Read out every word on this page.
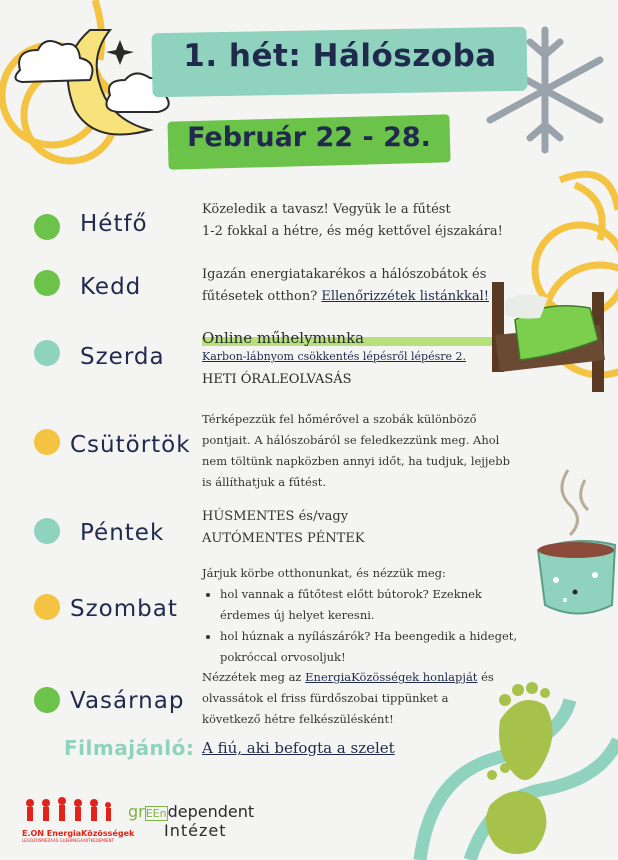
1. hét: Hálószoba
Február 22 - 28.
Hétfő
Közeledik a tavasz! Vegyük le a fűtést
1-2 fokkal a hétre, és még kettővel éjszakára!
Kedd	Igazán energiatakarékos a hálószobátok és
fűtésetek otthon? Ellenőrizzétek listánkkal!
Szerda
Online műhelymunka
Karbon-lábnyom csökkentés lépésről lépésre 2.
HETI ÓRALEOLVASÁS
Csütörtök
Térképezzük fel hőmérővel a szobák különböző
pontjait. A hálószobáról se feledkezzünk meg. Ahol
nem töltünk napközben annyi időt, ha tudjuk, lejjebb
is állíthatjuk a fűtést.
Péntek
HÚSMENTES és/vagy
AUTÓMENTES PÉNTEK
Szombat
Járjuk körbe otthonunkat, és nézzük meg:
• hol vannak a fűtőtest előtt bútorok? Ezeknek
érdemes új helyet keresni.
• hol húznak a nyílászárók? Ha beengedik a hideget,
pokróccal orvosoljuk!
Vasárnap
Nézzétek meg az EnergiaKözösségek honlapját és
olvassátok el friss fürdőszobai tippünket a
következő hétre felkészülésként!
Filmajánló: A fiú, aki befogta a szelet
E.ON EnergiaKözösségek
LEGOZOSMEZAAS GUEHMEGAAIITKEQEMIENT
grEEndependent
Intézet
